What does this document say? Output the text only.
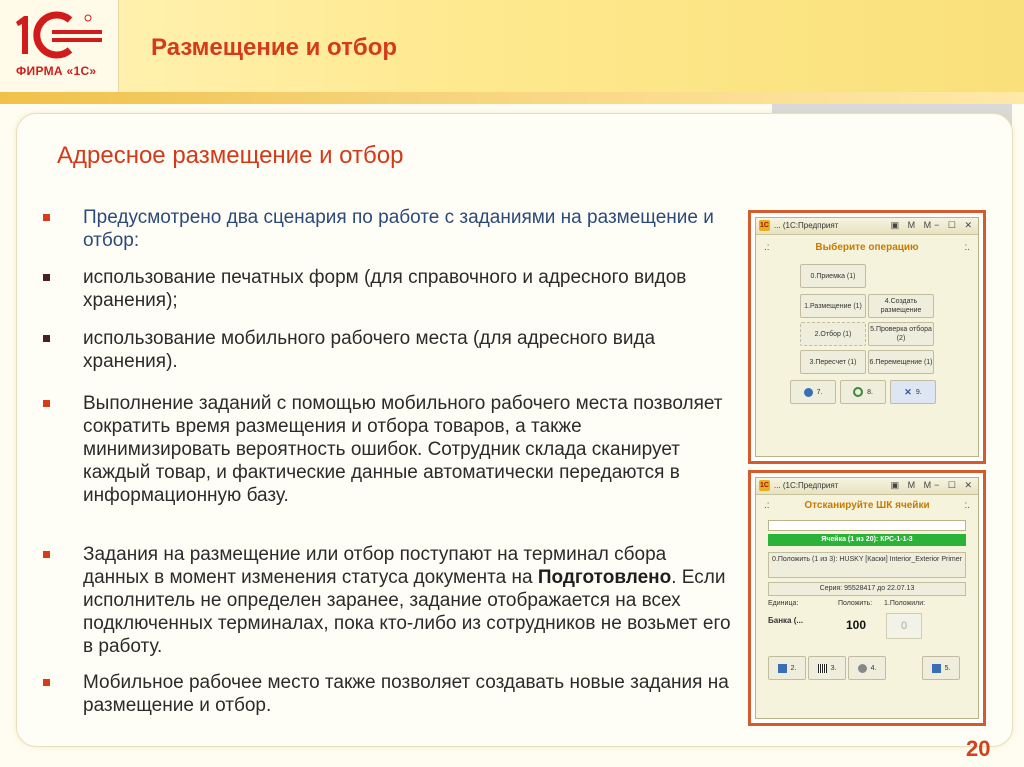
ФИРМА «1С»
Размещение и отбор
Адресное размещение и отбор
Предусмотрено два сценария по работе с заданиями на размещение и отбор:
использование печатных форм (для справочного и адресного видов хранения);
использование мобильного рабочего места (для адресного вида хранения).
Выполнение заданий с помощью мобильного рабочего места позволяет сократить время размещения и отбора товаров, а также минимизировать вероятность ошибок. Сотрудник склада сканирует каждый товар, и фактические данные автоматически передаются в информационную базу.
Задания на размещение или отбор поступают на терминал сбора данных в момент изменения статуса документа на Подготовлено. Если исполнитель не определен заранее, задание отображается на всех подключенных терминалах, пока кто-либо из сотрудников не возьмет его в работу.
Мобильное рабочее место также позволяет создавать новые задания на размещение и отбор.
1С ... (1С:Предприят	▣ M M− ☐ ✕
.:	Выберите операцию	:.
0.Приемка (1)
1.Размещение (1)
4.Создать размещение
2.Отбор (1)
5.Проверка отбора (2)
3.Пересчет (1)	6.Перемещение (1)
7.	8.	✕ 9.
1С ... (1С:Предприят	▣ M M− ☐ ✕
.:	Отсканируйте ШК ячейки	:.
Ячейка (1 из 20): КРС-1-1-3
0.Положить (1 из 3): HUSKY [Каски] Interior_Exterior Primer
Серия: 95528417 до 22.07.13
Единица:	Положить: 1.Положили:
Банка (...	100	0
2.	3.	4.	5.
20
